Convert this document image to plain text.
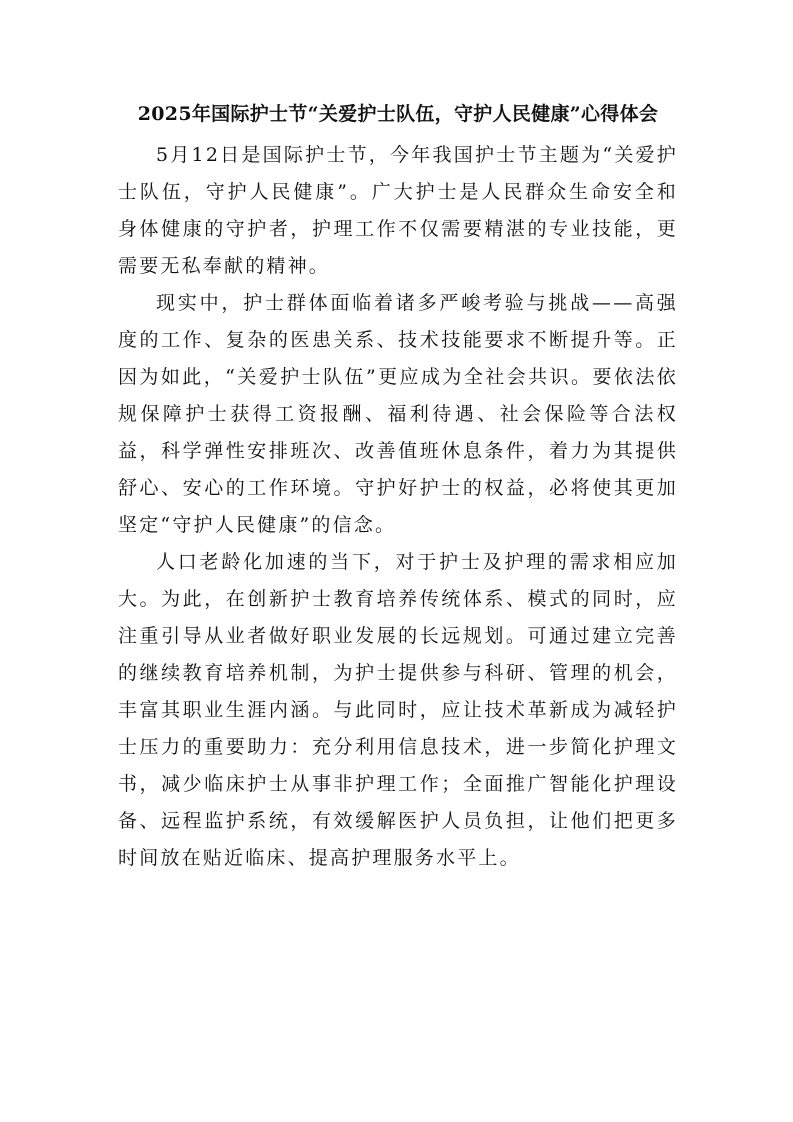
2025年国际护士节“关爱护士队伍，守护人民健康”心得体会

5月12日是国际护士节，今年我国护士节主题为“关爱护士队伍，守护人民健康”。广大护士是人民群众生命安全和身体健康的守护者，护理工作不仅需要精湛的专业技能，更需要无私奉献的精神。

现实中，护士群体面临着诸多严峻考验与挑战——高强度的工作、复杂的医患关系、技术技能要求不断提升等。正因为如此，“关爱护士队伍”更应成为全社会共识。要依法依规保障护士获得工资报酬、福利待遇、社会保险等合法权益，科学弹性安排班次、改善值班休息条件，着力为其提供舒心、安心的工作环境。守护好护士的权益，必将使其更加坚定“守护人民健康”的信念。

人口老龄化加速的当下，对于护士及护理的需求相应加大。为此，在创新护士教育培养传统体系、模式的同时，应注重引导从业者做好职业发展的长远规划。可通过建立完善的继续教育培养机制，为护士提供参与科研、管理的机会，丰富其职业生涯内涵。与此同时，应让技术革新成为减轻护士压力的重要助力：充分利用信息技术，进一步简化护理文书，减少临床护士从事非护理工作；全面推广智能化护理设备、远程监护系统，有效缓解医护人员负担，让他们把更多时间放在贴近临床、提高护理服务水平上。
